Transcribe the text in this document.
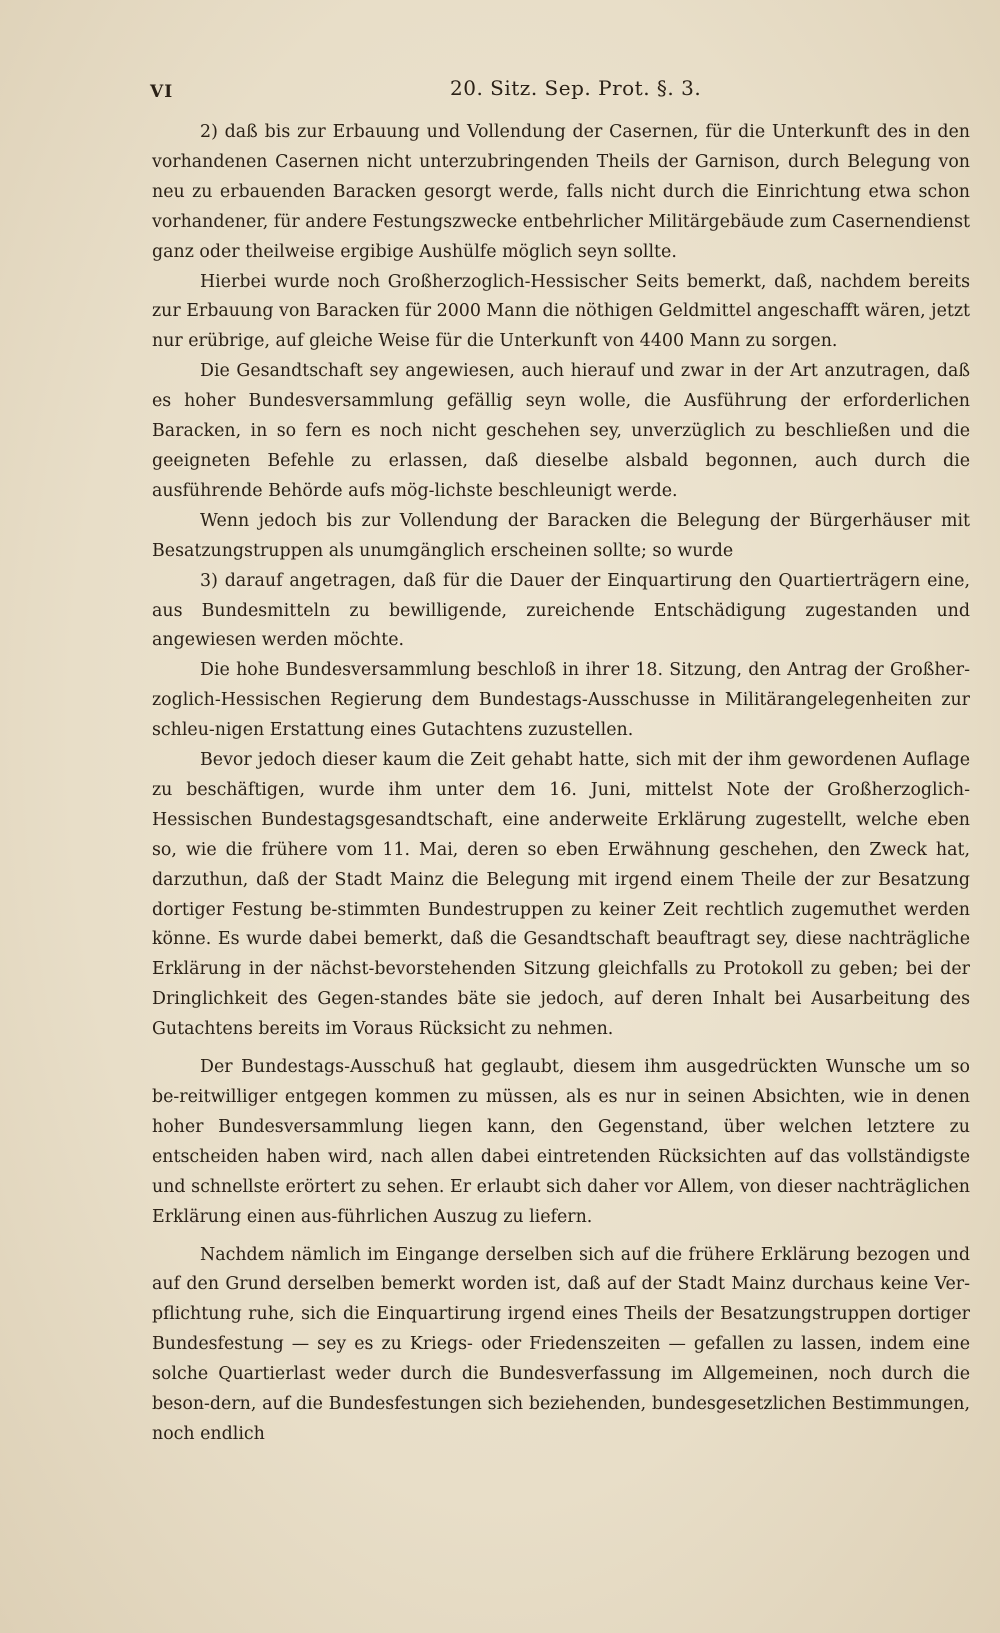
VI	20. Sitz. Sep. Prot. §. 3.

2) daß bis zur Erbauung und Vollendung der Casernen, für die Unterkunft des in den vorhandenen Casernen nicht unterzubringenden Theils der Garnison, durch Belegung von neu zu erbauenden Baracken gesorgt werde, falls nicht durch die Einrichtung etwa schon vorhandener, für andere Festungszwecke entbehrlicher Militärgebäude zum Casernendienst ganz oder theilweise ergibige Aushülfe möglich seyn sollte.

Hierbei wurde noch Großherzoglich-Hessischer Seits bemerkt, daß, nachdem bereits zur Erbauung von Baracken für 2000 Mann die nöthigen Geldmittel angeschafft wären, jetzt nur erübrige, auf gleiche Weise für die Unterkunft von 4400 Mann zu sorgen.

Die Gesandtschaft sey angewiesen, auch hierauf und zwar in der Art anzutragen, daß es hoher Bundesversammlung gefällig seyn wolle, die Ausführung der erforderlichen Baracken, in so fern es noch nicht geschehen sey, unverzüglich zu beschließen und die geeigneten Befehle zu erlassen, daß dieselbe alsbald begonnen, auch durch die ausführende Behörde aufs mög-lichste beschleunigt werde.

Wenn jedoch bis zur Vollendung der Baracken die Belegung der Bürgerhäuser mit Besatzungstruppen als unumgänglich erscheinen sollte; so wurde

3) darauf angetragen, daß für die Dauer der Einquartirung den Quartierträgern eine, aus Bundesmitteln zu bewilligende, zureichende Entschädigung zugestanden und angewiesen werden möchte.

Die hohe Bundesversammlung beschloß in ihrer 18. Sitzung, den Antrag der Großher-zoglich-Hessischen Regierung dem Bundestags-Ausschusse in Militärangelegenheiten zur schleu-nigen Erstattung eines Gutachtens zuzustellen.

Bevor jedoch dieser kaum die Zeit gehabt hatte, sich mit der ihm gewordenen Auflage zu beschäftigen, wurde ihm unter dem 16. Juni, mittelst Note der Großherzoglich-Hessischen Bundestagsgesandtschaft, eine anderweite Erklärung zugestellt, welche eben so, wie die frühere vom 11. Mai, deren so eben Erwähnung geschehen, den Zweck hat, darzuthun, daß der Stadt Mainz die Belegung mit irgend einem Theile der zur Besatzung dortiger Festung be-stimmten Bundestruppen zu keiner Zeit rechtlich zugemuthet werden könne. Es wurde dabei bemerkt, daß die Gesandtschaft beauftragt sey, diese nachträgliche Erklärung in der nächst-bevorstehenden Sitzung gleichfalls zu Protokoll zu geben; bei der Dringlichkeit des Gegen-standes bäte sie jedoch, auf deren Inhalt bei Ausarbeitung des Gutachtens bereits im Voraus Rücksicht zu nehmen.

Der Bundestags-Ausschuß hat geglaubt, diesem ihm ausgedrückten Wunsche um so be-reitwilliger entgegen kommen zu müssen, als es nur in seinen Absichten, wie in denen hoher Bundesversammlung liegen kann, den Gegenstand, über welchen letztere zu entscheiden haben wird, nach allen dabei eintretenden Rücksichten auf das vollständigste und schnellste erörtert zu sehen. Er erlaubt sich daher vor Allem, von dieser nachträglichen Erklärung einen aus-führlichen Auszug zu liefern.

Nachdem nämlich im Eingange derselben sich auf die frühere Erklärung bezogen und auf den Grund derselben bemerkt worden ist, daß auf der Stadt Mainz durchaus keine Ver-pflichtung ruhe, sich die Einquartirung irgend eines Theils der Besatzungstruppen dortiger Bundesfestung — sey es zu Kriegs- oder Friedenszeiten — gefallen zu lassen, indem eine solche Quartierlast weder durch die Bundesverfassung im Allgemeinen, noch durch die beson-dern, auf die Bundesfestungen sich beziehenden, bundesgesetzlichen Bestimmungen, noch endlich
